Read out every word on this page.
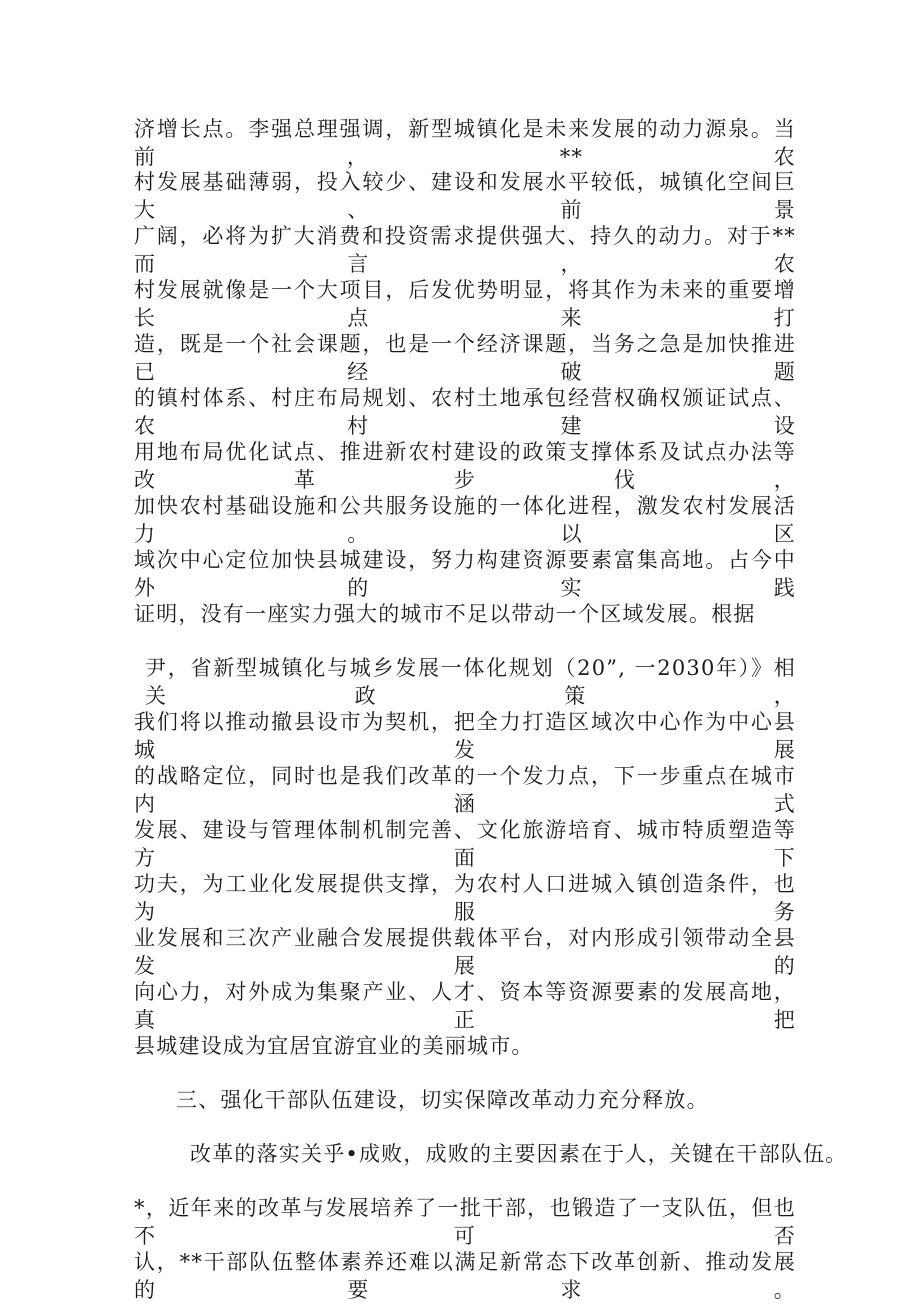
济增长点。李强总理强调，新型城镇化是未来发展的动力源泉。当前，**农
村发展基础薄弱，投入较少、建设和发展水平较低，城镇化空间巨大、前景
广阔，必将为扩大消费和投资需求提供强大、持久的动力。对于**而言，农
村发展就像是一个大项目，后发优势明显，将其作为未来的重要增长点来打
造，既是一个社会课题，也是一个经济课题，当务之急是加快推进已经破题
的镇村体系、村庄布局规划、农村土地承包经营权确权颁证试点、农村建设
用地布局优化试点、推进新农村建设的政策支撑体系及试点办法等改革步伐，
加快农村基础设施和公共服务设施的一体化进程，激发农村发展活力。以区
域次中心定位加快县城建设，努力构建资源要素富集高地。占今中外的实践
证明，没有一座实力强大的城市不足以带动一个区域发展。根据
尹，省新型城镇化与城乡发展一体化规划（20”, 一2030年）》相关政策，
我们将以推动撤县设市为契机，把全力打造区域次中心作为中心县城发展
的战略定位，同时也是我们改革的一个发力点，下一步重点在城市内涵式
发展、建设与管理体制机制完善、文化旅游培育、城市特质塑造等方面下
功夫，为工业化发展提供支撑，为农村人口进城入镇创造条件，也为服务
业发展和三次产业融合发展提供载体平台，对内形成引领带动全县发展的
向心力，对外成为集聚产业、人才、资本等资源要素的发展高地，真正把
县城建设成为宜居宜游宜业的美丽城市。
三、强化干部队伍建设，切实保障改革动力充分释放。
改革的落实关乎•成败，成败的主要因素在于人，关键在干部队伍。
*，近年来的改革与发展培养了一批干部，也锻造了一支队伍，但也不可否
认，**干部队伍整体素养还难以满足新常态下改革创新、推动发展的要求。
